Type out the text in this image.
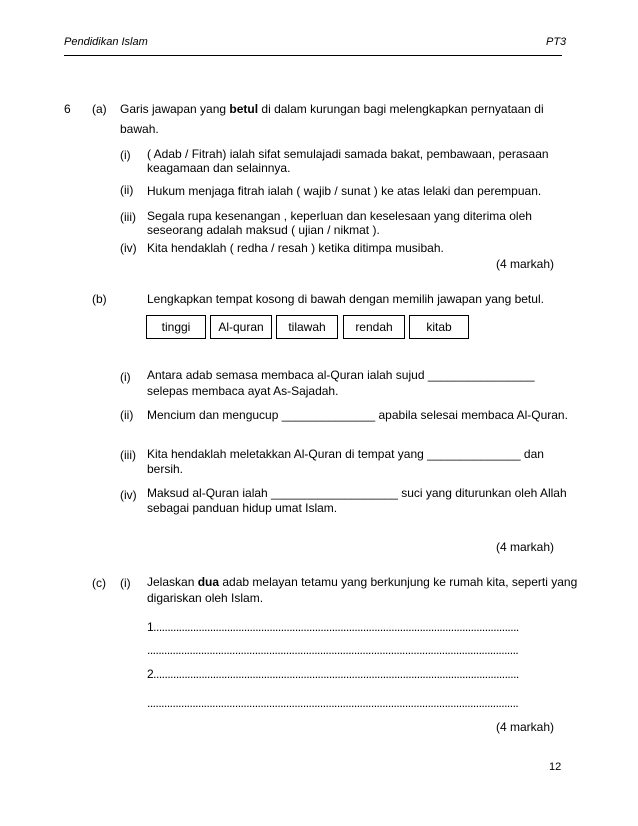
Pendidikan Islam	PT3
6 (a) Garis jawapan yang betul di dalam kurungan bagi melengkapkan pernyataan di
bawah.
(i) ( Adab / Fitrah) ialah sifat semulajadi samada bakat, pembawaan, perasaan
keagamaan dan selainnya.
(ii) Hukum menjaga fitrah ialah ( wajib / sunat ) ke atas lelaki dan perempuan.
(iii) Segala rupa kesenangan , keperluan dan keselesaan yang diterima oleh
seseorang adalah maksud ( ujian / nikmat ).
(iv) Kita hendaklah ( redha / resah ) ketika ditimpa musibah.
(4 markah)
(b)	Lengkapkan tempat kosong di bawah dengan memilih jawapan yang betul.
tinggi Al-quran tilawah rendah	kitab
(i) Antara adab semasa membaca al-Quran ialah sujud ________________
selepas membaca ayat As-Sajadah.
(ii) Mencium dan mengucup ______________ apabila selesai membaca Al-Quran.
(iii) Kita hendaklah meletakkan Al-Quran di tempat yang ______________ dan
bersih.
(iv) Maksud al-Quran ialah ___________________ suci yang diturunkan oleh Allah
sebagai panduan hidup umat Islam.
(4 markah)
(c) (i) Jelaskan dua adab melayan tetamu yang berkunjung ke rumah kita, seperti yang
digariskan oleh Islam.
1.................................................................................................................................
...................................................................................................................................
2.................................................................................................................................
...................................................................................................................................
(4 markah)
12
